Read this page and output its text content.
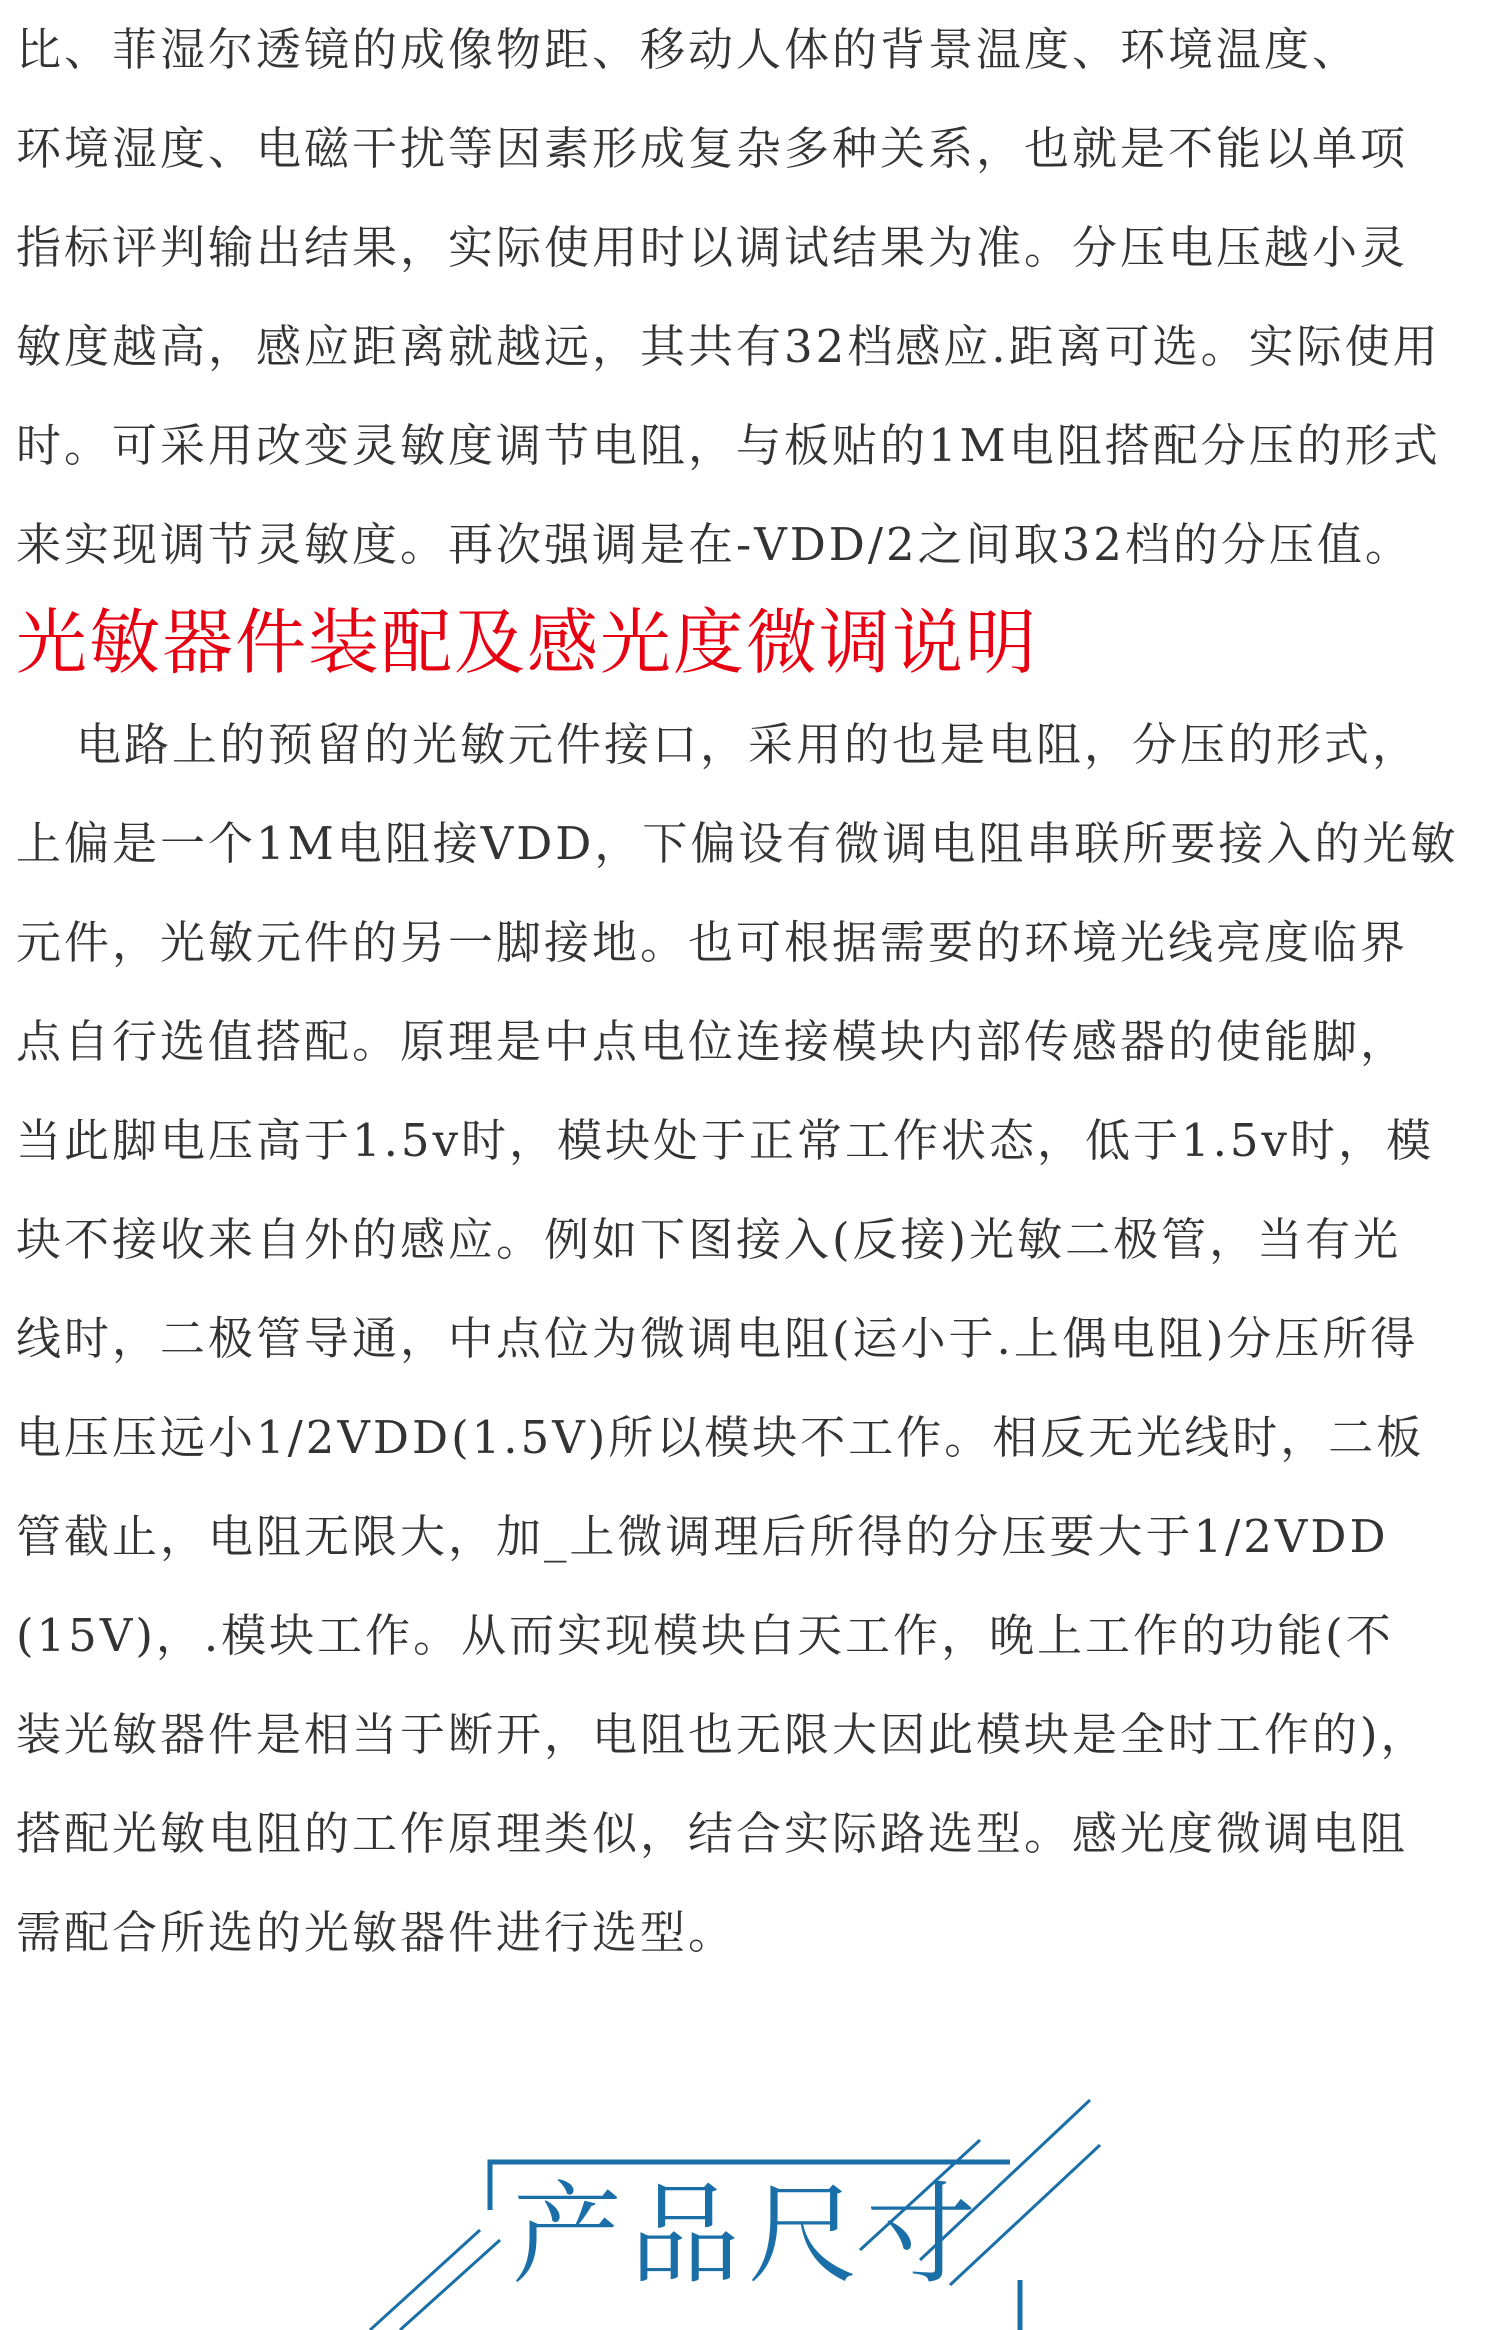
比、菲湿尔透镜的成像物距、移动人体的背景温度、环境温度、
环境湿度、电磁干扰等因素形成复杂多种关系，也就是不能以单项
指标评判输出结果，实际使用时以调试结果为准。分压电压越小灵
敏度越高，感应距离就越远，其共有32档感应.距离可选。实际使用
时。可采用改变灵敏度调节电阻，与板贴的1M电阻搭配分压的形式
来实现调节灵敏度。再次强调是在-VDD/2之间取32档的分压值。
光敏器件装配及感光度微调说明
电路上的预留的光敏元件接口，采用的也是电阻，分压的形式，
上偏是一个1M电阻接VDD，下偏设有微调电阻串联所要接入的光敏
元件，光敏元件的另一脚接地。也可根据需要的环境光线亮度临界
点自行选值搭配。原理是中点电位连接模块内部传感器的使能脚，
当此脚电压高于1.5v时，模块处于正常工作状态，低于1.5v时，模
块不接收来自外的感应。例如下图接入(反接)光敏二极管，当有光
线时，二极管导通，中点位为微调电阻(运小于.上偶电阻)分压所得
电压压远小1/2VDD(1.5V)所以模块不工作。相反无光线时，二板
管截止，电阻无限大，加_上微调理后所得的分压要大于1/2VDD
(15V)，.模块工作。从而实现模块白天工作，晚上工作的功能(不
装光敏器件是相当于断开，电阻也无限大因此模块是全时工作的)，
搭配光敏电阻的工作原理类似，结合实际路选型。感光度微调电阻
需配合所选的光敏器件进行选型。
产品尺寸
